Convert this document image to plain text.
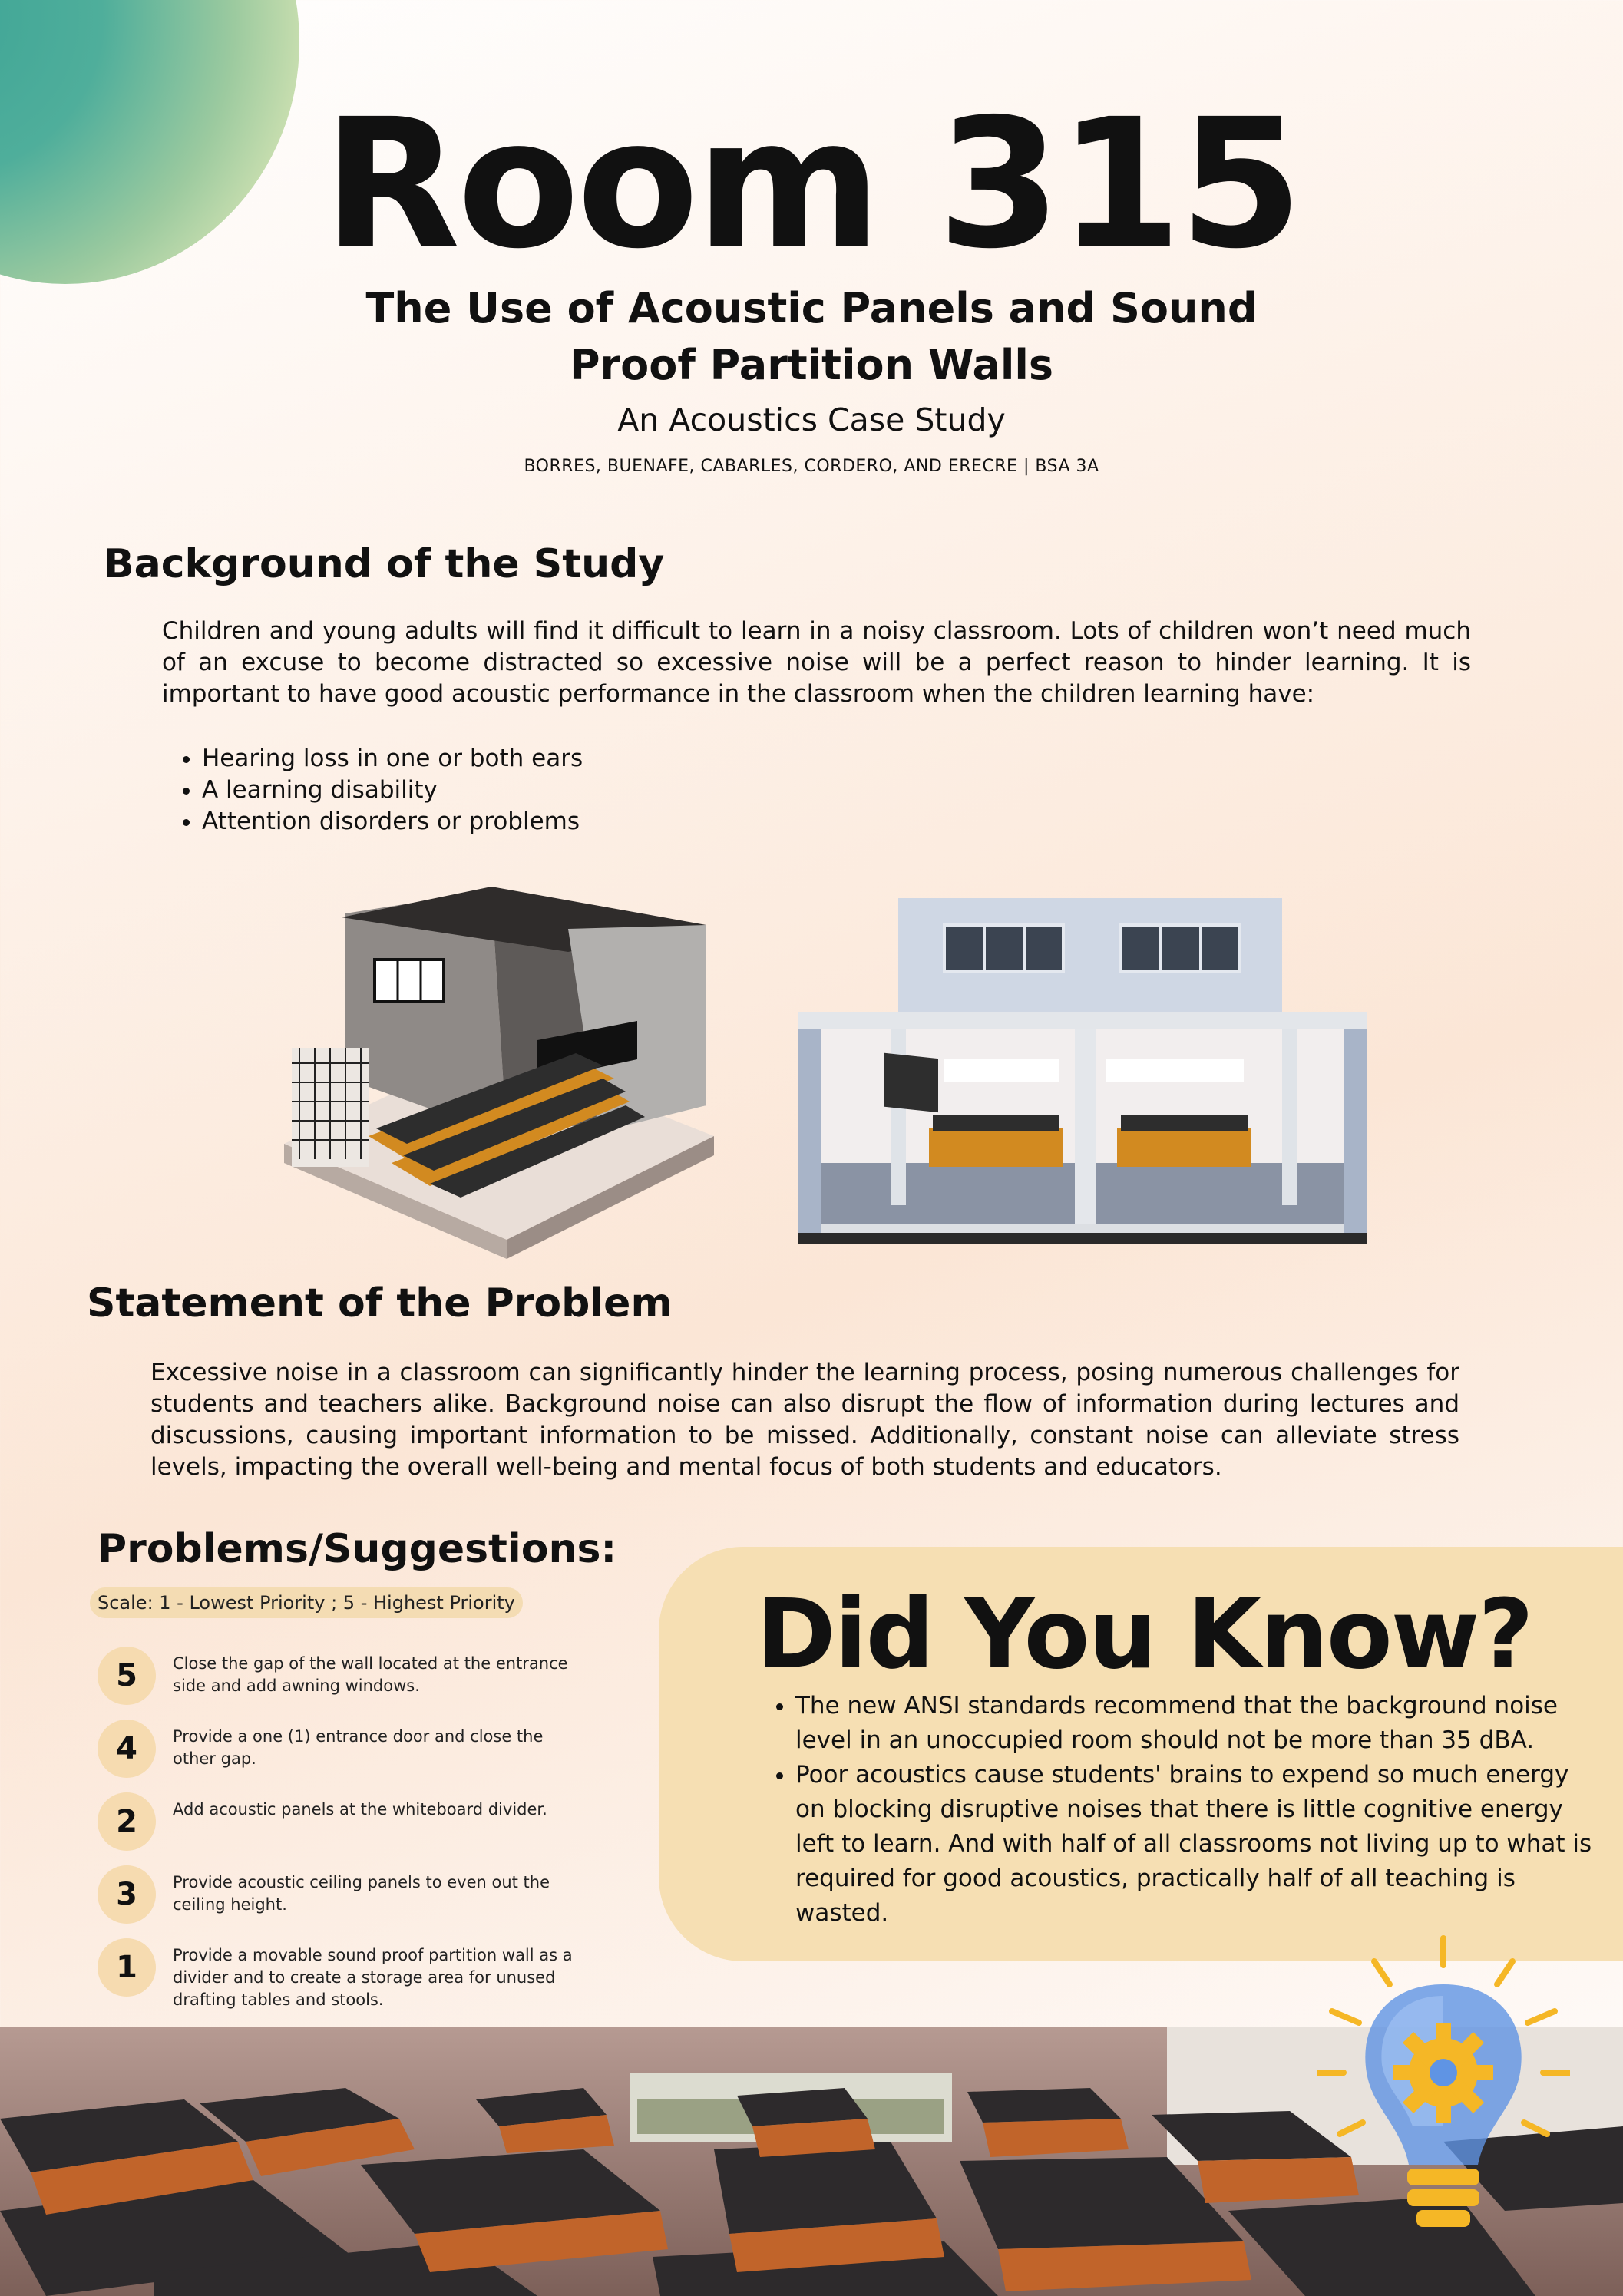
Room 315
The Use of Acoustic Panels and Sound Proof Partition Walls
An Acoustics Case Study
BORRES, BUENAFE, CABARLES, CORDERO, AND ERECRE | BSA 3A
Background of the Study
Children and young adults will find it difficult to learn in a noisy classroom. Lots of children won’t need much of an excuse to become distracted so excessive noise will be a perfect reason to hinder learning. It is important to have good acoustic performance in the classroom when the children learning have:
• Hearing loss in one or both ears
• A learning disability
• Attention disorders or problems
Statement of the Problem
Excessive noise in a classroom can significantly hinder the learning process, posing numerous challenges for students and teachers alike. Background noise can also disrupt the flow of information during lectures and discussions, causing important information to be missed. Additionally, constant noise can alleviate stress levels, impacting the overall well-being and mental focus of both students and educators.
Problems/Suggestions:
Scale: 1 - Lowest Priority ; 5 - Highest Priority
5	Close the gap of the wall located at the entrance side and add awning windows.
4	Provide a one (1) entrance door and close the other gap.
2	Add acoustic panels at the whiteboard divider.
3	Provide acoustic ceiling panels to even out the ceiling height.
1	Provide a movable sound proof partition wall as a divider and to create a storage area for unused drafting tables and stools.
Did You Know?
• The new ANSI standards recommend that the background noise level in an unoccupied room should not be more than 35 dBA.
• Poor acoustics cause students' brains to expend so much energy on blocking disruptive noises that there is little cognitive energy left to learn. And with half of all classrooms not living up to what is required for good acoustics, practically half of all teaching is wasted.
